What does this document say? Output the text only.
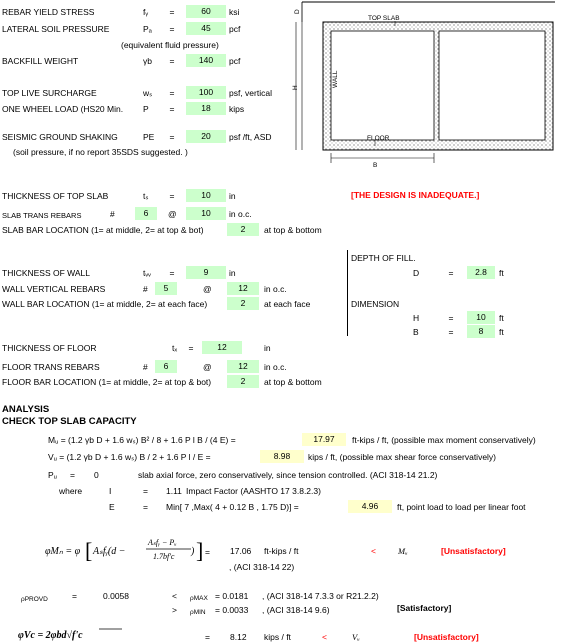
REBAR YIELD STRESS	fᵧ	=	60	ksi
LATERAL SOIL PRESSURE	Pₐ =	45	pcf
(equivalent fluid pressure)
BACKFILL WEIGHT	γb =	140	pcf
TOP LIVE SURCHARGE	wₛ =	100	psf, vertical
ONE WHEEL LOAD (HS20 Min. P =	18	kips
SEISMIC GROUND SHAKING	PE =	20	psf /ft, ASD
(soil pressure, if no report 35SDS suggested. )
TOP SLAB
FLOOR
WALL
D
H
B
THICKNESS OF TOP SLAB	tₛ =	10	in	[THE DESIGN IS INADEQUATE.]
SLAB TRANS REBARS	#	6	@	10	in o.c.
SLAB BAR LOCATION (1= at middle, 2= at top & bot)	2	at top & bottom
DEPTH OF FILL.
D	=	2.8	ft
THICKNESS OF WALL	tᵥᵥ =	9	in
WALL VERTICAL REBARS	#	5	@	12	in o.c.
WALL BAR LOCATION (1= at middle, 2= at each face)	2	at each face	DIMENSION
H	=	10	ft
B	=	8	ft
THICKNESS OF FLOOR	tₓ =	12	in
FLOOR TRANS REBARS	#	6	@	12	in o.c.
FLOOR BAR LOCATION (1= at middle, 2= at top & bot)	2	at top & bottom
ANALYSIS
CHECK TOP SLAB CAPACITY
Mᵤ = (1.2 γb D + 1.6 wₛ) B² / 8 + 1.6 P l B / (4 E) =	17.97	ft-kips / ft, (possible max moment conservatively)
Vᵤ = (1.2 γb D + 1.6 wₛ) B / 2 + 1.6 P l / E =	8.98	kips / ft, (possible max shear force conservatively)
Pᵤ = 0	slab axial force, zero conservatively, since tension controlled. (ACI 318-14 21.2)
where	I	= 1.11 Impact Factor (AASHTO 17 3.8.2.3)
E	= Min[ 7 ,Max( 4 + 0.12 B , 1.75 D)] =	4.96	ft, point load to load per linear foot
φMₙ = φ [ Aₛfᵧ(d −
Aₛfᵧ − Pᵤ
1.7bf'c ) ] = 17.06 ft-kips / ft
, (ACI 318-14 22)
<	Mᵤ	[Unsatisfactory]
ρPROVD	=	0.0058	< ρMAX = 0.0181 , (ACI 318-14 7.3.3 or R21.2.2)
> ρMIN = 0.0033 , (ACI 318-14 9.6)	[Satisfactory]
φVc = 2φbd√f'c	= 8.12 kips / ft	<	Vᵤ	[Unsatisfactory]
